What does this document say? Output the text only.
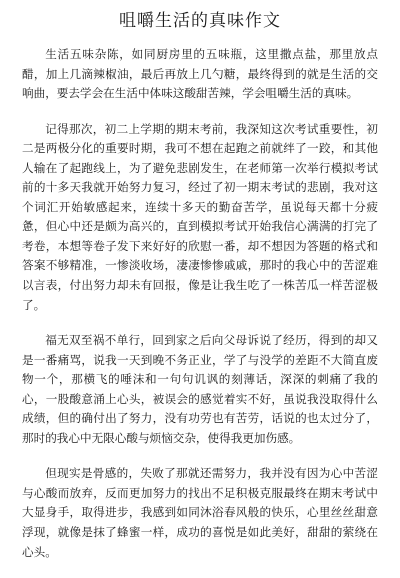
咀嚼生活的真味作文

生活五味杂陈，如同厨房里的五味瓶，这里撒点盐，那里放点醋，加上几滴辣椒油，最后再放上几勺糖，最终得到的就是生活的交响曲，要去学会在生活中体味这酸甜苦辣，学会咀嚼生活的真味。

记得那次，初二上学期的期末考前，我深知这次考试重要性，初二是两极分化的重要时期，我可不想在起跑之前就绊了一跤，和其他人输在了起跑线上，为了避免悲剧发生，在老师第一次举行模拟考试前的十多天我就开始努力复习，经过了初一期末考试的悲剧，我对这个词汇开始敏感起来，连续十多天的勤奋苦学，虽说每天都十分疲惫，但心中还是颇为高兴的，直到模拟考试开始我信心满满的打完了考卷，本想等卷子发下来好好的欣慰一番，却不想因为答题的格式和答案不够精准，一惨淡收场，凄凄惨惨戚戚，那时的我心中的苦涩难以言表，付出努力却未有回报，像是让我生吃了一株苦瓜一样苦涩极了。

福无双至祸不单行，回到家之后向父母诉说了经历，得到的却又是一番痛骂，说我一天到晚不务正业，学了与没学的差距不大简直废物一个，那横飞的唾沫和一句句讥讽的刻薄话，深深的刺痛了我的心，一股酸意涌上心头，被误会的感觉着实不好，虽说我没取得什么成绩，但的确付出了努力，没有功劳也有苦劳，话说的也太过分了，那时的我心中无限心酸与烦恼交杂，使得我更加伤感。

但现实是骨感的，失败了那就还需努力，我并没有因为心中苦涩与心酸而放弃，反而更加努力的找出不足积极克服最终在期末考试中大显身手，取得进步，我感到如同沐浴春风般的快乐，心里丝丝甜意浮现，就像是抹了蜂蜜一样，成功的喜悦是如此美好，甜甜的萦绕在心头。
